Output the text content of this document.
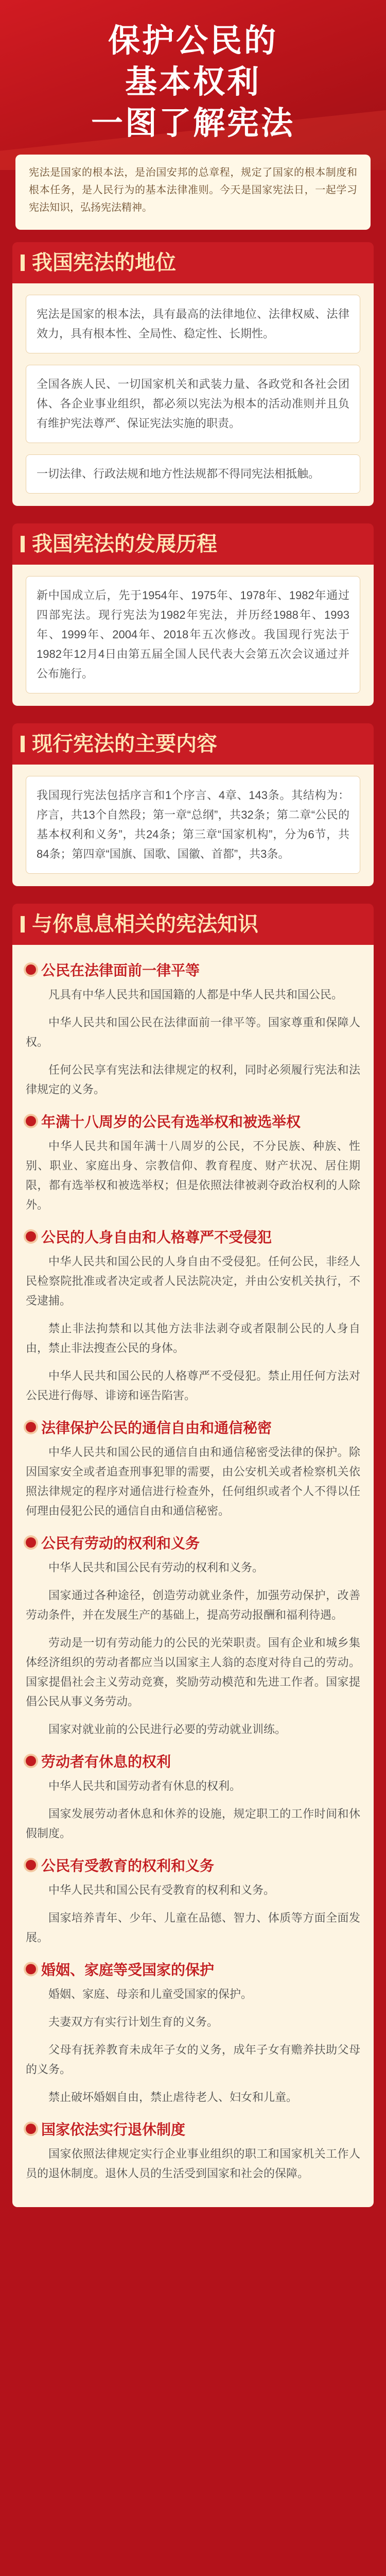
保护公民的
基本权利
一图了解宪法
宪法是国家的根本法，是治国安邦的总章程，规定了国家的根本制度和根本任务，是人民行为的基本法律准则。今天是国家宪法日，一起学习宪法知识，弘扬宪法精神。
我国宪法的地位
宪法是国家的根本法，具有最高的法律地位、法律权威、法律效力，具有根本性、全局性、稳定性、长期性。
全国各族人民、一切国家机关和武装力量、各政党和各社会团体、各企业事业组织，都必须以宪法为根本的活动准则并且负有维护宪法尊严、保证宪法实施的职责。
一切法律、行政法规和地方性法规都不得同宪法相抵触。
我国宪法的发展历程
新中国成立后，先于1954年、1975年、1978年、1982年通过四部宪法。现行宪法为1982年宪法，并历经1988年、1993年、1999年、2004年、2018年五次修改。我国现行宪法于1982年12月4日由第五届全国人民代表大会第五次会议通过并公布施行。
现行宪法的主要内容
我国现行宪法包括序言和1个序言、4章、143条。其结构为：序言，共13个自然段；第一章“总纲”，共32条；第二章“公民的基本权利和义务”，共24条；第三章“国家机构”，分为6节，共84条；第四章“国旗、国歌、国徽、首都”，共3条。
与你息息相关的宪法知识
公民在法律面前一律平等

凡具有中华人民共和国国籍的人都是中华人民共和国公民。

中华人民共和国公民在法律面前一律平等。国家尊重和保障人权。

任何公民享有宪法和法律规定的权利，同时必须履行宪法和法律规定的义务。

年满十八周岁的公民有选举权和被选举权

中华人民共和国年满十八周岁的公民，不分民族、种族、性别、职业、家庭出身、宗教信仰、教育程度、财产状况、居住期限，都有选举权和被选举权；但是依照法律被剥夺政治权利的人除外。

公民的人身自由和人格尊严不受侵犯

中华人民共和国公民的人身自由不受侵犯。任何公民，非经人民检察院批准或者决定或者人民法院决定，并由公安机关执行，不受逮捕。

禁止非法拘禁和以其他方法非法剥夺或者限制公民的人身自由，禁止非法搜查公民的身体。

中华人民共和国公民的人格尊严不受侵犯。禁止用任何方法对公民进行侮辱、诽谤和诬告陷害。

法律保护公民的通信自由和通信秘密

中华人民共和国公民的通信自由和通信秘密受法律的保护。除因国家安全或者追查刑事犯罪的需要，由公安机关或者检察机关依照法律规定的程序对通信进行检查外，任何组织或者个人不得以任何理由侵犯公民的通信自由和通信秘密。

公民有劳动的权利和义务

中华人民共和国公民有劳动的权利和义务。

国家通过各种途径，创造劳动就业条件，加强劳动保护，改善劳动条件，并在发展生产的基础上，提高劳动报酬和福利待遇。

劳动是一切有劳动能力的公民的光荣职责。国有企业和城乡集体经济组织的劳动者都应当以国家主人翁的态度对待自己的劳动。国家提倡社会主义劳动竞赛，奖励劳动模范和先进工作者。国家提倡公民从事义务劳动。

国家对就业前的公民进行必要的劳动就业训练。

劳动者有休息的权利

中华人民共和国劳动者有休息的权利。

国家发展劳动者休息和休养的设施，规定职工的工作时间和休假制度。

公民有受教育的权利和义务

中华人民共和国公民有受教育的权利和义务。

国家培养青年、少年、儿童在品德、智力、体质等方面全面发展。

婚姻、家庭等受国家的保护

婚姻、家庭、母亲和儿童受国家的保护。

夫妻双方有实行计划生育的义务。

父母有抚养教育未成年子女的义务，成年子女有赡养扶助父母的义务。

禁止破坏婚姻自由，禁止虐待老人、妇女和儿童。

国家依法实行退休制度

国家依照法律规定实行企业事业组织的职工和国家机关工作人员的退休制度。退休人员的生活受到国家和社会的保障。
